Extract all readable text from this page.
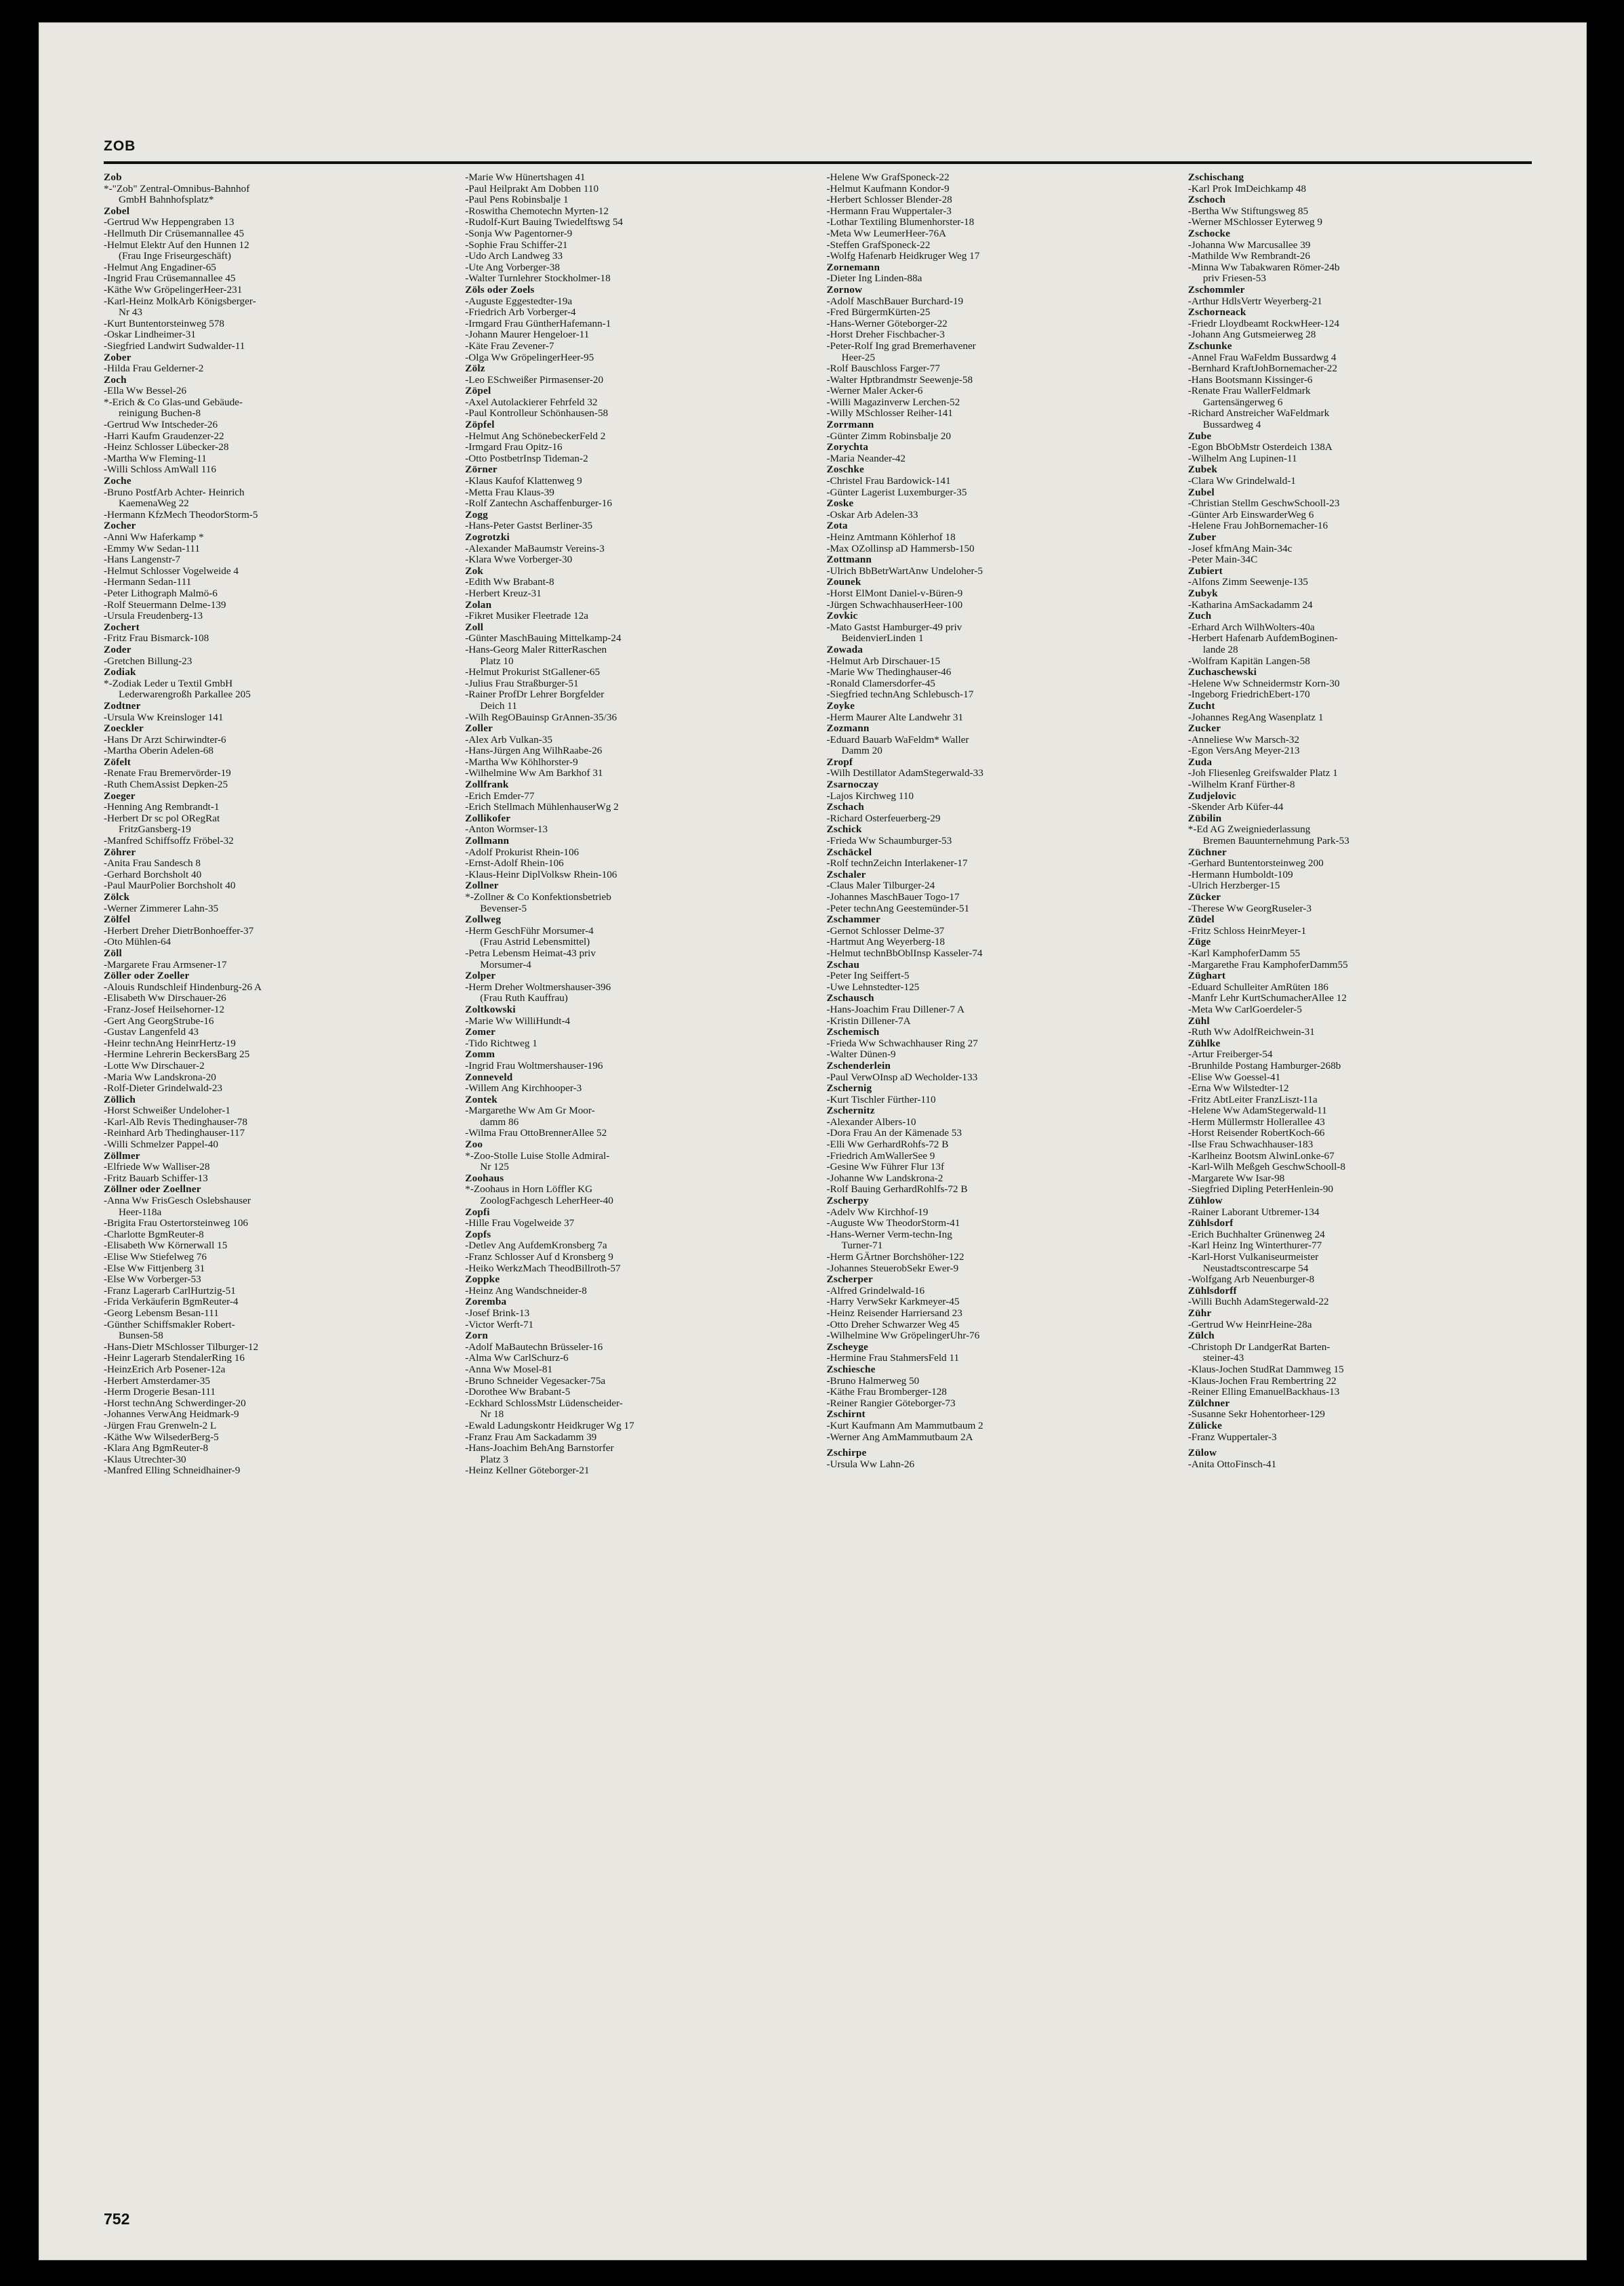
ZOB
Zob
*-"Zob" Zentral-Omnibus-Bahnhof
GmbH Bahnhofsplatz*
Zobel
-Gertrud Ww Heppengraben 13
-Hellmuth Dir Crüsemannallee 45
-Helmut Elektr Auf den Hunnen 12
(Frau Inge Friseurgeschäft)
-Helmut Ang Engadiner-65
-Ingrid Frau Crüsemannallee 45
-Käthe Ww GröpelingerHeer-231
-Karl-Heinz MolkArb Königsberger-
Nr 43
-Kurt Buntentorsteinweg 578
-Oskar Lindheimer-31
-Siegfried Landwirt Sudwalder-11
Zober
-Hilda Frau Gelderner-2
Zoch
-Ella Ww Bessel-26
*-Erich & Co Glas-und Gebäude-
reinigung Buchen-8
-Gertrud Ww Intscheder-26
-Harri Kaufm Graudenzer-22
-Heinz Schlosser Lübecker-28
-Martha Ww Fleming-11
-Willi Schloss AmWall 116
Zoche
-Bruno PostfArb Achter- Heinrich
KaemenaWeg 22
-Hermann KfzMech TheodorStorm-5
Zocher
-Anni Ww Haferkamp *
-Emmy Ww Sedan-111
-Hans Langenstr-7
-Helmut Schlosser Vogelweide 4
-Hermann Sedan-111
-Peter Lithograph Malmö-6
-Rolf Steuermann Delme-139
-Ursula Freudenberg-13
Zochert
-Fritz Frau Bismarck-108
Zoder
-Gretchen Billung-23
Zodiak
*-Zodiak Leder u Textil GmbH
Lederwarengroßh Parkallee 205
Zodtner
-Ursula Ww Kreinsloger 141
Zoeckler
-Hans Dr Arzt Schirwindter-6
-Martha Oberin Adelen-68
Zöfelt
-Renate Frau Bremervörder-19
-Ruth ChemAssist Depken-25
Zoeger
-Henning Ang Rembrandt-1
-Herbert Dr sc pol ORegRat
FritzGansberg-19
-Manfred Schiffsoffz Fröbel-32
Zöhrer
-Anita Frau Sandesch 8
-Gerhard Borchsholt 40
-Paul MaurPolier Borchsholt 40
Zölck
-Werner Zimmerer Lahn-35
Zölfel
-Herbert Dreher DietrBonhoeffer-37
-Oto Mühlen-64
Zöll
-Margarete Frau Armsener-17
Zöller oder Zoeller
-Alouis Rundschleif Hindenburg-26 A
-Elisabeth Ww Dirschauer-26
-Franz-Josef Heilsehorner-12
-Gert Ang GeorgStrube-16
-Gustav Langenfeld 43
-Heinr technAng HeinrHertz-19
-Hermine Lehrerin BeckersBarg 25
-Lotte Ww Dirschauer-2
-Maria Ww Landskrona-20
-Rolf-Dieter Grindelwald-23
Zöllich
-Horst Schweißer Undeloher-1
-Karl-Alb Revis Thedinghauser-78
-Reinhard Arb Thedinghauser-117
-Willi Schmelzer Pappel-40
Zöllmer
-Elfriede Ww Walliser-28
-Fritz Bauarb Schiffer-13
Zöllner oder Zoellner
-Anna Ww FrisGesch Oslebshauser
Heer-118a
-Brigita Frau Ostertorsteinweg 106
-Charlotte BgmReuter-8
-Elisabeth Ww Körnerwall 15
-Elise Ww Stiefelweg 76
-Else Ww Fittjenberg 31
-Else Ww Vorberger-53
-Franz Lagerarb CarlHurtzig-51
-Frida Verkäuferin BgmReuter-4
-Georg Lebensm Besan-111
-Günther Schiffsmakler Robert-
Bunsen-58
-Hans-Dietr MSchlosser Tilburger-12
-Heinr Lagerarb StendalerRing 16
-HeinzErich Arb Posener-12a
-Herbert Amsterdamer-35
-Herm Drogerie Besan-111
-Horst technAng Schwerdinger-20
-Johannes VerwAng Heidmark-9
-Jürgen Frau Grenweln-2 L
-Käthe Ww WilsederBerg-5
-Klara Ang BgmReuter-8
-Klaus Utrechter-30
-Manfred Elling Schneidhainer-9
-Marie Ww Hünertshagen 41
-Paul Heilprakt Am Dobben 110
-Paul Pens Robinsbalje 1
-Roswitha Chemotechn Myrten-12
-Rudolf-Kurt Bauing Twiedelftswg 54
-Sonja Ww Pagentorner-9
-Sophie Frau Schiffer-21
-Udo Arch Landweg 33
-Ute Ang Vorberger-38
-Walter Turnlehrer Stockholmer-18
Zöls oder Zoels
-Auguste Eggestedter-19a
-Friedrich Arb Vorberger-4
-Irmgard Frau GüntherHafemann-1
-Johann Maurer Hengeloer-11
-Käte Frau Zevener-7
-Olga Ww GröpelingerHeer-95
Zölz
-Leo ESchweißer Pirmasenser-20
Zöpel
-Axel Autolackierer Fehrfeld 32
-Paul Kontrolleur Schönhausen-58
Zöpfel
-Helmut Ang SchönebeckerFeld 2
-Irmgard Frau Opitz-16
-Otto PostbetrInsp Tideman-2
Zörner
-Klaus Kaufof Klattenweg 9
-Metta Frau Klaus-39
-Rolf Zantechn Aschaffenburger-16
Zogg
-Hans-Peter Gastst Berliner-35
Zogrotzki
-Alexander MaBaumstr Vereins-3
-Klara Wwe Vorberger-30
Zok
-Edith Ww Brabant-8
-Herbert Kreuz-31
Zolan
-Fikret Musiker Fleetrade 12a
Zoll
-Günter MaschBauing Mittelkamp-24
-Hans-Georg Maler RitterRaschen
Platz 10
-Helmut Prokurist StGallener-65
-Julius Frau Straßburger-51
-Rainer ProfDr Lehrer Borgfelder
Deich 11
-Wilh RegOBauinsp GrAnnen-35/36
Zoller
-Alex Arb Vulkan-35
-Hans-Jürgen Ang WilhRaabe-26
-Martha Ww Köhlhorster-9
-Wilhelmine Ww Am Barkhof 31
Zollfrank
-Erich Emder-77
-Erich Stellmach MühlenhauserWg 2
Zollikofer
-Anton Wormser-13
Zollmann
-Adolf Prokurist Rhein-106
-Ernst-Adolf Rhein-106
-Klaus-Heinr DiplVolksw Rhein-106
Zollner
*-Zollner & Co Konfektionsbetrieb
Bevenser-5
Zollweg
-Herm GeschFühr Morsumer-4
(Frau Astrid Lebensmittel)
-Petra Lebensm Heimat-43 priv
Morsumer-4
Zolper
-Herm Dreher Woltmershauser-396
(Frau Ruth Kauffrau)
Zoltkowski
-Marie Ww WilliHundt-4
Zomer
-Tido Richtweg 1
Zomm
-Ingrid Frau Woltmershauser-196
Zonneveld
-Willem Ang Kirchhooper-3
Zontek
-Margarethe Ww Am Gr Moor-
damm 86
-Wilma Frau OttoBrennerAllee 52
Zoo
*-Zoo-Stolle Luise Stolle Admiral-
Nr 125
Zoohaus
*-Zoohaus in Horn Löffler KG
ZoologFachgesch LeherHeer-40
Zopfi
-Hille Frau Vogelweide 37
Zopfs
-Detlev Ang AufdemKronsberg 7a
-Franz Schlosser Auf d Kronsberg 9
-Heiko WerkzMach TheodBillroth-57
Zoppke
-Heinz Ang Wandschneider-8
Zoremba
-Josef Brink-13
-Victor Werft-71
Zorn
-Adolf MaBautechn Brüsseler-16
-Alma Ww CarlSchurz-6
-Anna Ww Mosel-81
-Bruno Schneider Vegesacker-75a
-Dorothee Ww Brabant-5
-Eckhard SchlossMstr Lüdenscheider-
Nr 18
-Ewald Ladungskontr Heidkruger Wg 17
-Franz Frau Am Sackadamm 39
-Hans-Joachim BehAng Barnstorfer
Platz 3
-Heinz Kellner Göteborger-21
-Helene Ww GrafSponeck-22
-Helmut Kaufmann Kondor-9
-Herbert Schlosser Blender-28
-Hermann Frau Wuppertaler-3
-Lothar Textiling Blumenhorster-18
-Meta Ww LeumerHeer-76A
-Steffen GrafSponeck-22
-Wolfg Hafenarb Heidkruger Weg 17
Zornemann
-Dieter Ing Linden-88a
Zornow
-Adolf MaschBauer Burchard-19
-Fred BürgermKürten-25
-Hans-Werner Göteborger-22
-Horst Dreher Fischbacher-3
-Peter-Rolf Ing grad Bremerhavener
Heer-25
-Rolf Bauschloss Farger-77
-Walter Hptbrandmstr Seewenje-58
-Werner Maler Acker-6
-Willi Magazinverw Lerchen-52
-Willy MSchlosser Reiher-141
Zorrmann
-Günter Zimm Robinsbalje 20
Zorychta
-Maria Neander-42
Zoschke
-Christel Frau Bardowick-141
-Günter Lagerist Luxemburger-35
Zoske
-Oskar Arb Adelen-33
Zota
-Heinz Amtmann Köhlerhof 18
-Max OZollinsp aD Hammersb-150
Zottmann
-Ulrich BbBetrWartAnw Undeloher-5
Zounek
-Horst ElMont Daniel-v-Büren-9
-Jürgen SchwachhauserHeer-100
Zovkic
-Mato Gastst Hamburger-49 priv
BeidenvierLinden 1
Zowada
-Helmut Arb Dirschauer-15
-Marie Ww Thedinghauser-46
-Ronald Clamersdorfer-45
-Siegfried technAng Schlebusch-17
Zoyke
-Herm Maurer Alte Landwehr 31
Zozmann
-Eduard Bauarb WaFeldm* Waller
Damm 20
Zropf
-Wilh Destillator AdamStegerwald-33
Zsarnoczay
-Lajos Kirchweg 110
Zschach
-Richard Osterfeuerberg-29
Zschick
-Frieda Ww Schaumburger-53
Zschäckel
-Rolf technZeichn Interlakener-17
Zschaler
-Claus Maler Tilburger-24
-Johannes MaschBauer Togo-17
-Peter technAng Geestemünder-51
Zschammer
-Gernot Schlosser Delme-37
-Hartmut Ang Weyerberg-18
-Helmut technBbOblInsp Kasseler-74
Zschau
-Peter Ing Seiffert-5
-Uwe Lehnstedter-125
Zschausch
-Hans-Joachim Frau Dillener-7 A
-Kristin Dillener-7A
Zschemisch
-Frieda Ww Schwachhauser Ring 27
-Walter Dünen-9
Zschenderlein
-Paul VerwOInsp aD Wecholder-133
Zschernig
-Kurt Tischler Fürther-110
Zschernitz
-Alexander Albers-10
-Dora Frau An der Kämenade 53
-Elli Ww GerhardRohfs-72 B
-Friedrich AmWallerSee 9
-Gesine Ww Führer Flur 13f
-Johanne Ww Landskrona-2
-Rolf Bauing GerhardRohlfs-72 B
Zscherpy
-Adelv Ww Kirchhof-19
-Auguste Ww TheodorStorm-41
-Hans-Werner Verm-techn-Ing
Turner-71
-Herm GÄrtner Borchshöher-122
-Johannes SteuerobSekr Ewer-9
Zscherper
-Alfred Grindelwald-16
-Harry VerwSekr Karkmeyer-45
-Heinz Reisender Harriersand 23
-Otto Dreher Schwarzer Weg 45
-Wilhelmine Ww GröpelingerUhr-76
Zscheyge
-Hermine Frau StahmersFeld 11
Zschiesche
-Bruno Halmerweg 50
-Käthe Frau Bromberger-128
-Reiner Rangier Göteborger-73
Zschirnt
-Kurt Kaufmann Am Mammutbaum 2
-Werner Ang AmMammutbaum 2A
Zschirpe
-Ursula Ww Lahn-26
Zschischang
-Karl Prok ImDeichkamp 48
Zschoch
-Bertha Ww Stiftungsweg 85
-Werner MSchlosser Eyterweg 9
Zschocke
-Johanna Ww Marcusallee 39
-Mathilde Ww Rembrandt-26
-Minna Ww Tabakwaren Römer-24b
priv Friesen-53
Zschommler
-Arthur HdlsVertr Weyerberg-21
Zschorneack
-Friedr Lloydbeamt RockwHeer-124
-Johann Ang Gutsmeierweg 28
Zschunke
-Annel Frau WaFeldm Bussardwg 4
-Bernhard KraftJohBornemacher-22
-Hans Bootsmann Kissinger-6
-Renate Frau WallerFeldmark
Gartensängerweg 6
-Richard Anstreicher WaFeldmark
Bussardweg 4
Zube
-Egon BbObMstr Osterdeich 138A
-Wilhelm Ang Lupinen-11
Zubek
-Clara Ww Grindelwald-1
Zubel
-Christian Stellm GeschwSchooll-23
-Günter Arb EinswarderWeg 6
-Helene Frau JohBornemacher-16
Zuber
-Josef kfmAng Main-34c
-Peter Main-34C
Zubiert
-Alfons Zimm Seewenje-135
Zubyk
-Katharina AmSackadamm 24
Zuch
-Erhard Arch WilhWolters-40a
-Herbert Hafenarb AufdemBoginen-
lande 28
-Wolfram Kapitän Langen-58
Zuchaschewski
-Helene Ww Schneidermstr Korn-30
-Ingeborg FriedrichEbert-170
Zucht
-Johannes RegAng Wasenplatz 1
Zucker
-Anneliese Ww Marsch-32
-Egon VersAng Meyer-213
Zuda
-Joh Fliesenleg Greifswalder Platz 1
-Wilhelm Kranf Fürther-8
Zudjelovic
-Skender Arb Küfer-44
Zübilin
*-Ed AG Zweigniederlassung
Bremen Bauunternehmung Park-53
Züchner
-Gerhard Buntentorsteinweg 200
-Hermann Humboldt-109
-Ulrich Herzberger-15
Zücker
-Therese Ww GeorgRuseler-3
Züdel
-Fritz Schloss HeinrMeyer-1
Züge
-Karl KamphoferDamm 55
-Margarethe Frau KamphoferDamm55
Züghart
-Eduard Schulleiter AmRüten 186
-Manfr Lehr KurtSchumacherAllee 12
-Meta Ww CarlGoerdeler-5
Zühl
-Ruth Ww AdolfReichwein-31
Zühlke
-Artur Freiberger-54
-Brunhilde Postang Hamburger-268b
-Elise Ww Goessel-41
-Erna Ww Wilstedter-12
-Fritz AbtLeiter FranzLiszt-11a
-Helene Ww AdamStegerwald-11
-Herm Müllermstr Hollerallee 43
-Horst Reisender RobertKoch-66
-Ilse Frau Schwachhauser-183
-Karlheinz Bootsm AlwinLonke-67
-Karl-Wilh Meßgeh GeschwSchooll-8
-Margarete Ww Isar-98
-Siegfried Dipling PeterHenlein-90
Zühlow
-Rainer Laborant Utbremer-134
Zühlsdorf
-Erich Buchhalter Grünenweg 24
-Karl Heinz Ing Winterthurer-77
-Karl-Horst Vulkaniseurmeister
Neustadtscontrescarpe 54
-Wolfgang Arb Neuenburger-8
Zühlsdorff
-Willi Buchh AdamStegerwald-22
Zühr
-Gertrud Ww HeinrHeine-28a
Zülch
-Christoph Dr LandgerRat Barten-
steiner-43
-Klaus-Jochen StudRat Dammweg 15
-Klaus-Jochen Frau Rembertring 22
-Reiner Elling EmanuelBackhaus-13
Zülchner
-Susanne Sekr Hohentorheer-129
Zülicke
-Franz Wuppertaler-3
Zülow
-Anita OttoFinsch-41
752
